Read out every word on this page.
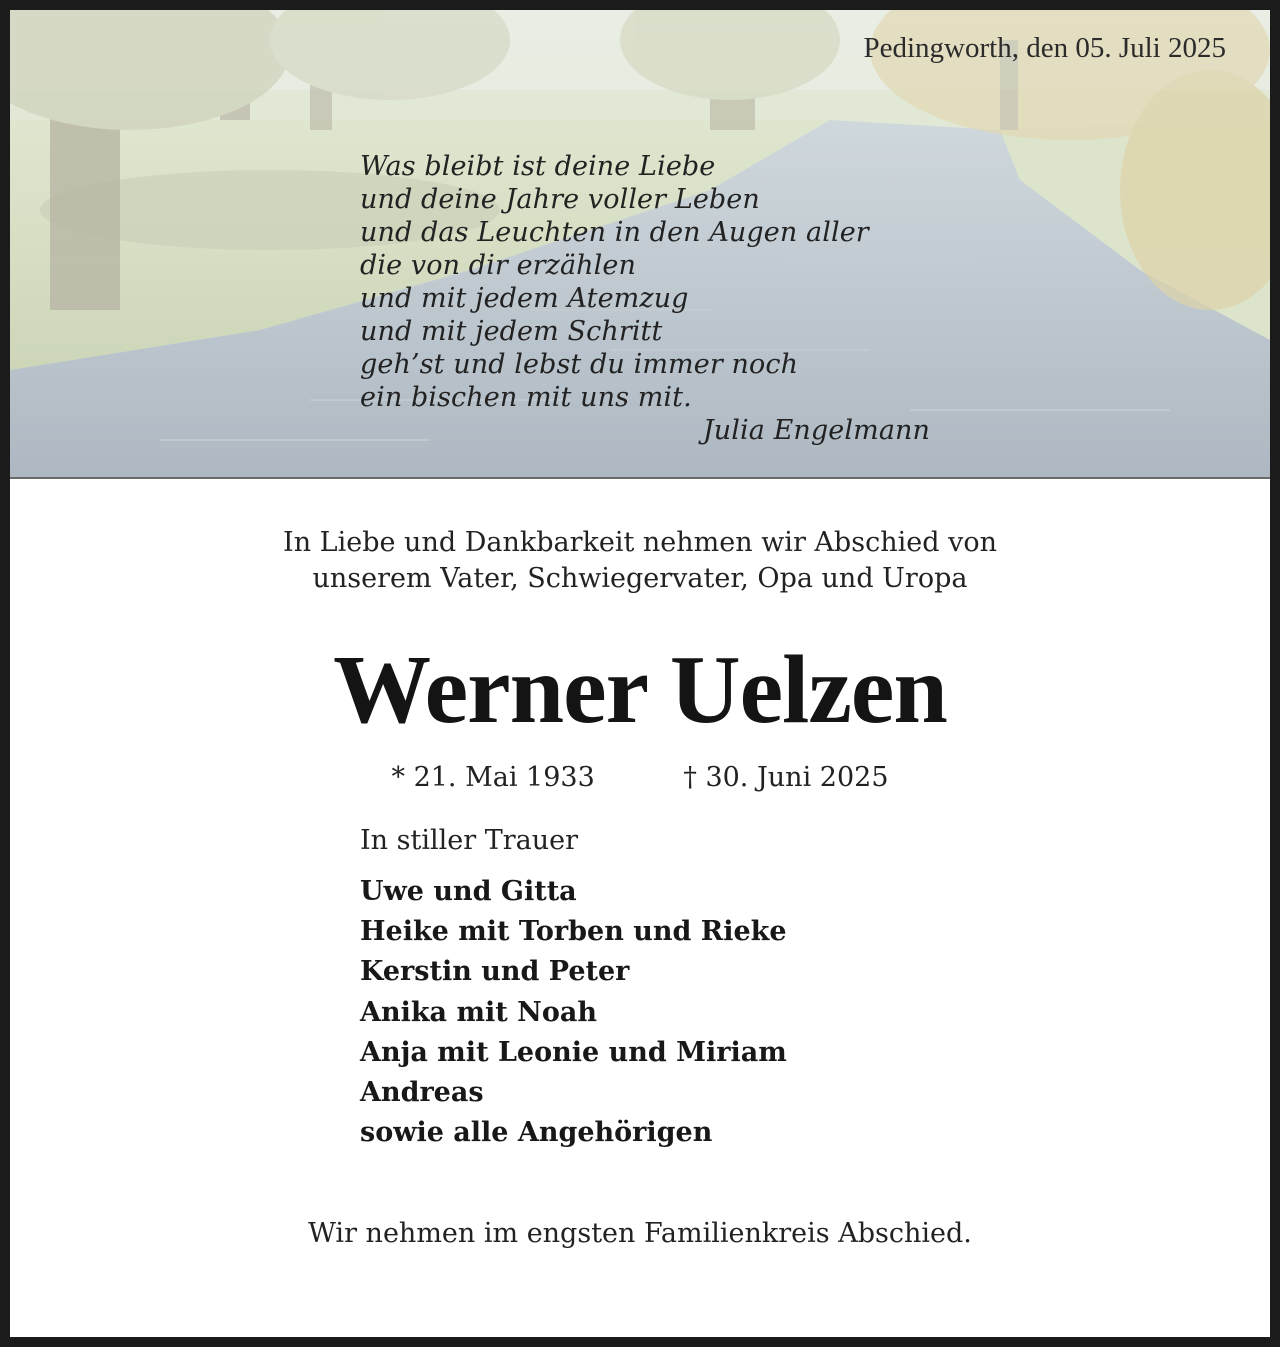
Pedingworth, den 05. Juli 2025
Was bleibt ist deine Liebe
und deine Jahre voller Leben
und das Leuchten in den Augen aller
die von dir erzählen
und mit jedem Atemzug
und mit jedem Schritt
geh’st und lebst du immer noch
ein bischen mit uns mit.
Julia Engelmann
In Liebe und Dankbarkeit nehmen wir Abschied von
unserem Vater, Schwiegervater, Opa und Uropa
Werner Uelzen
* 21. Mai 1933	† 30. Juni 2025
In stiller Trauer
Uwe und Gitta
Heike mit Torben und Rieke
Kerstin und Peter
Anika mit Noah
Anja mit Leonie und Miriam
Andreas
sowie alle Angehörigen
Wir nehmen im engsten Familienkreis Abschied.
